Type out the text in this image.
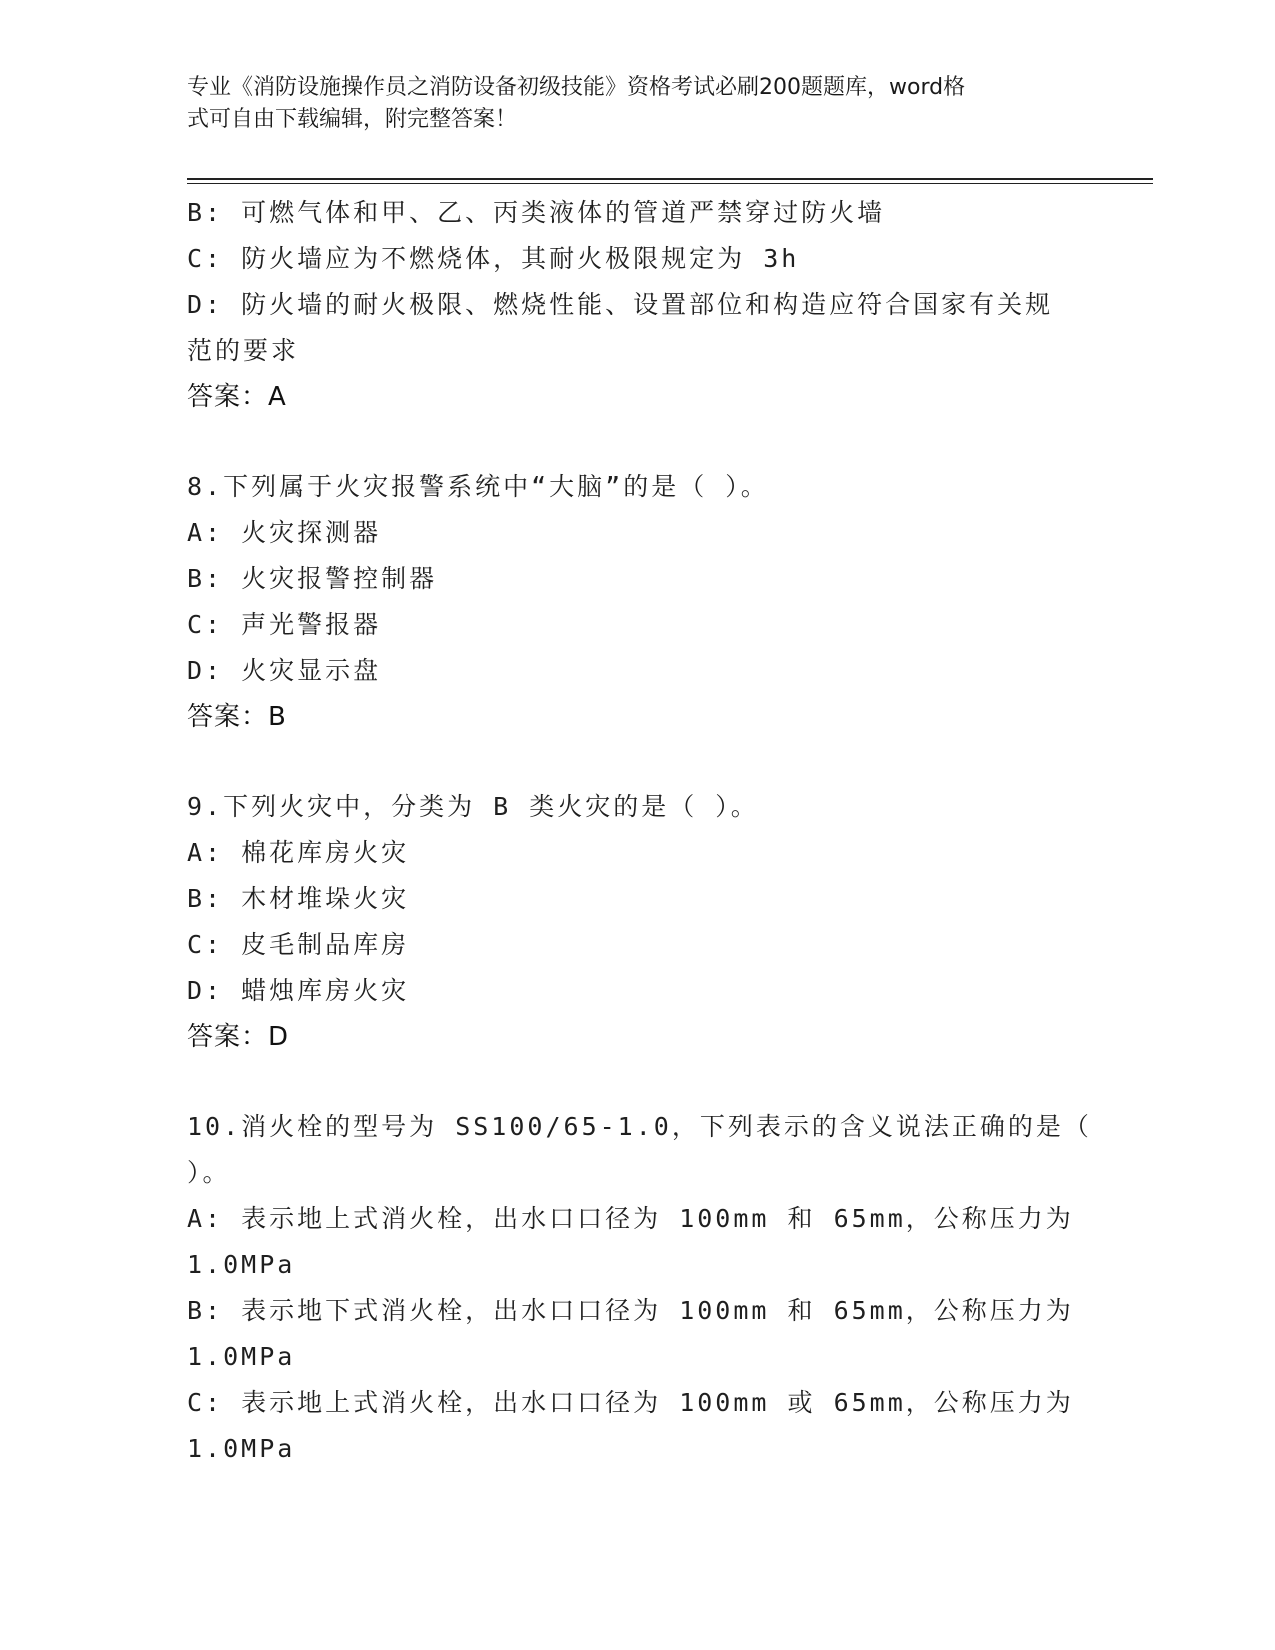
专业《消防设施操作员之消防设备初级技能》资格考试必刷200题题库，word格
式可自由下载编辑，附完整答案！
B: 可燃气体和甲、乙、丙类液体的管道严禁穿过防火墙
C: 防火墙应为不燃烧体，其耐火极限规定为 3h
D: 防火墙的耐火极限、燃烧性能、设置部位和构造应符合国家有关规
范的要求
答案：A
8.下列属于火灾报警系统中“大脑”的是（ ）。
A: 火灾探测器
B: 火灾报警控制器
C: 声光警报器
D: 火灾显示盘
答案：B
9.下列火灾中，分类为 B 类火灾的是（ ）。
A: 棉花库房火灾
B: 木材堆垛火灾
C: 皮毛制品库房
D: 蜡烛库房火灾
答案：D
10.消火栓的型号为 SS100/65-1.0，下列表示的含义说法正确的是（
）。
A: 表示地上式消火栓，出水口口径为 100mm 和 65mm，公称压力为
1.0MPa
B: 表示地下式消火栓，出水口口径为 100mm 和 65mm，公称压力为
1.0MPa
C: 表示地上式消火栓，出水口口径为 100mm 或 65mm，公称压力为
1.0MPa
